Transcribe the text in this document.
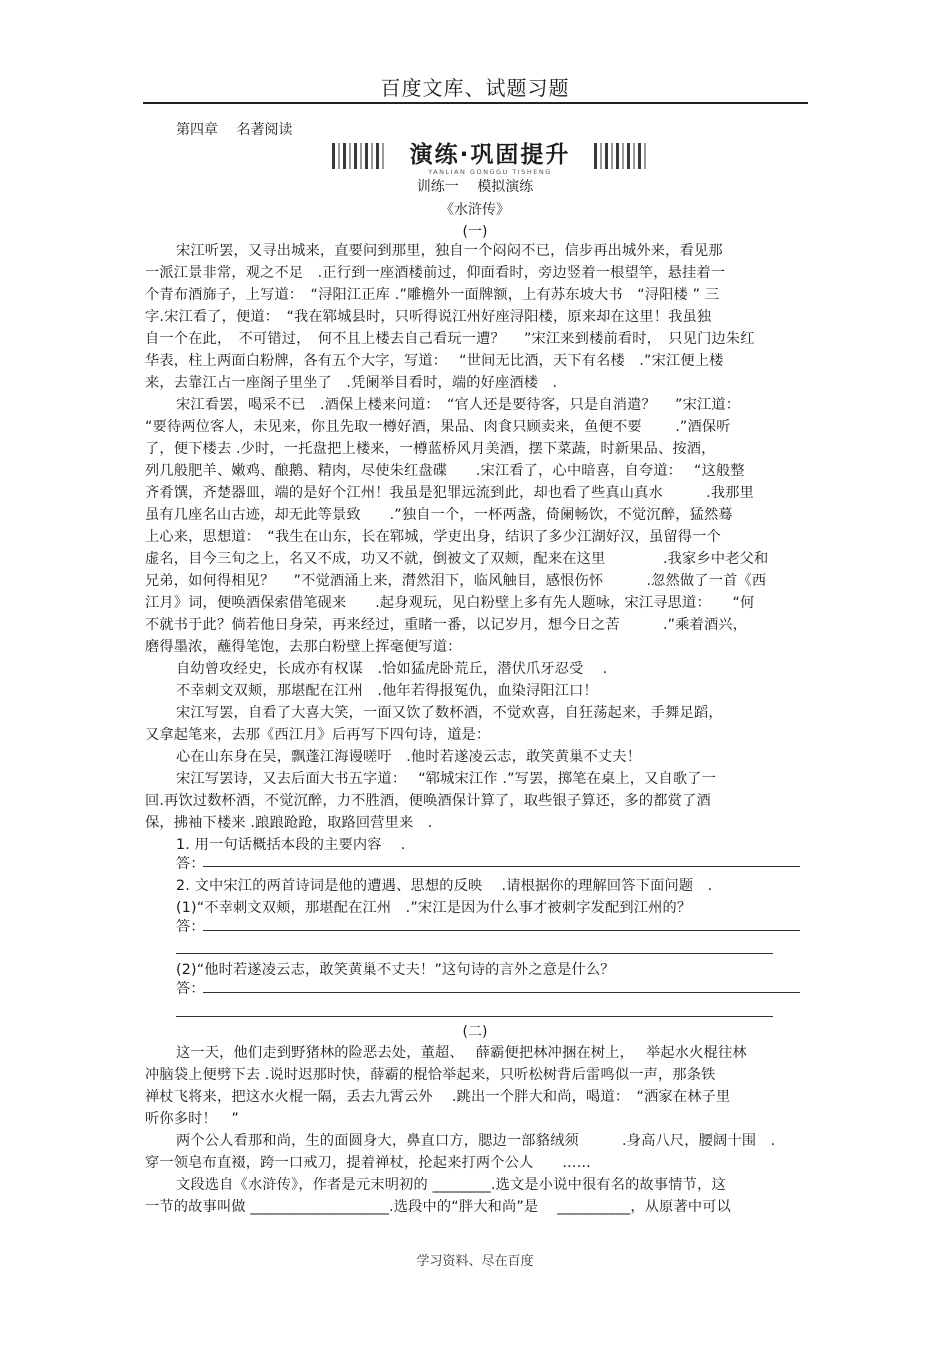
百度文库、试题习题
第四章　 名著阅读
演练·巩固提升
YANLIAN GONGGU TISHENG
训练一　 模拟演练
《水浒传》
(一)
宋江听罢，又寻出城来，直要问到那里，独自一个闷闷不已，信步再出城外来，看见那
一派江景非常，观之不足　.正行到一座酒楼前过，仰面看时，旁边竖着一根望竿，悬挂着一
个青布酒旆子，上写道：　“浔阳江正库 .”雕檐外一面牌额，上有苏东坡大书　“浔阳楼 ” 三
字.宋江看了，便道：　“我在郓城县时，只听得说江州好座浔阳楼，原来却在这里！我虽独
自一个在此，　不可错过，　何不且上楼去自己看玩一遭？　 ”宋江来到楼前看时，　只见门边朱红
华表，柱上两面白粉牌，各有五个大字，写道：　 “世间无比酒，天下有名楼　.”宋江便上楼
来，去靠江占一座阁子里坐了　.凭阑举目看时，端的好座酒楼　.
宋江看罢，喝采不已　.酒保上楼来问道：　“官人还是要待客，只是自消遣？　 ”宋江道：
“要待两位客人，未见来，你且先取一樽好酒，果品、肉食只顾卖来，鱼便不要　　 .”酒保听
了，便下楼去 .少时，一托盘把上楼来，一樽蓝桥风月美酒，摆下菜蔬，时新果品、按酒，
列几般肥羊、嫩鸡、酿鹅、精肉，尽使朱红盘碟　　.宋江看了，心中暗喜，自夸道：　 “这般整
齐肴馔，齐楚器皿，端的是好个江州！我虽是犯罪远流到此，却也看了些真山真水　　　.我那里
虽有几座名山古迹，却无此等景致　　.”独自一个，一杯两盏，倚阑畅饮，不觉沉醉，猛然蓦
上心来，思想道：　“我生在山东，长在郓城，学吏出身，结识了多少江湖好汉，虽留得一个
虚名，目今三旬之上，名又不成，功又不就，倒被文了双颊，配来在这里　　　　.我家乡中老父和
兄弟，如何得相见？　 ”不觉酒涌上来，潸然泪下，临风触目，感恨伤怀　　　.忽然做了一首《西
江月》词，便唤酒保索借笔砚来　　.起身观玩，见白粉壁上多有先人题咏，宋江寻思道：　　“何
不就书于此？倘若他日身荣，再来经过，重睹一番，以记岁月，想今日之苦　　　.”乘着酒兴，
磨得墨浓，蘸得笔饱，去那白粉壁上挥毫便写道：
自幼曾攻经史，长成亦有权谋　.恰如猛虎卧荒丘，潜伏爪牙忍受　 .
不幸刺文双颊，那堪配在江州　.他年若得报冤仇，血染浔阳江口！
宋江写罢，自看了大喜大笑，一面又饮了数杯酒，不觉欢喜，自狂荡起来，手舞足蹈，
又拿起笔来，去那《西江月》后再写下四句诗，道是：
心在山东身在吴，飘蓬江海谩嗟吁　.他时若遂凌云志，敢笑黄巢不丈夫！
宋江写罢诗，又去后面大书五字道：　 “郓城宋江作 .”写罢，掷笔在桌上，又自歌了一
回.再饮过数杯酒，不觉沉醉，力不胜酒，便唤酒保计算了，取些银子算还，多的都赏了酒
保，拂袖下楼来 .踉踉跄跄，取路回营里来　.
1. 用一句话概括本段的主要内容　 .
答：
2. 文中宋江的两首诗词是他的遭遇、思想的反映　 .请根据你的理解回答下面问题　.
(1)“不幸刺文双颊，那堪配在江州　.”宋江是因为什么事才被刺字发配到江州的？
答：
(2)“他时若遂凌云志，敢笑黄巢不丈夫！”这句诗的言外之意是什么？
答：
(二)
这一天，他们走到野猪林的险恶去处，董超、　 薛霸便把林冲捆在树上，　 举起水火棍往林
冲脑袋上便劈下去 .说时迟那时快，薛霸的棍恰举起来，只听松树背后雷鸣似一声，那条铁
禅杖飞将来，把这水火棍一隔，丢去九霄云外　 .跳出一个胖大和尚，喝道：　“洒家在林子里
听你多时！　”
两个公人看那和尚，生的面圆身大，鼻直口方，腮边一部貉绒须　　　.身高八尺，腰阔十围　.
穿一领皂布直裰，跨一口戒刀，提着禅杖，抡起来打两个公人　　……
文段选自《水浒传》，作者是元末明初的 ________.选文是小说中很有名的故事情节，这
一节的故事叫做 ___________________.选段中的“胖大和尚”是　 __________，从原著中可以
学习资料、尽在百度
